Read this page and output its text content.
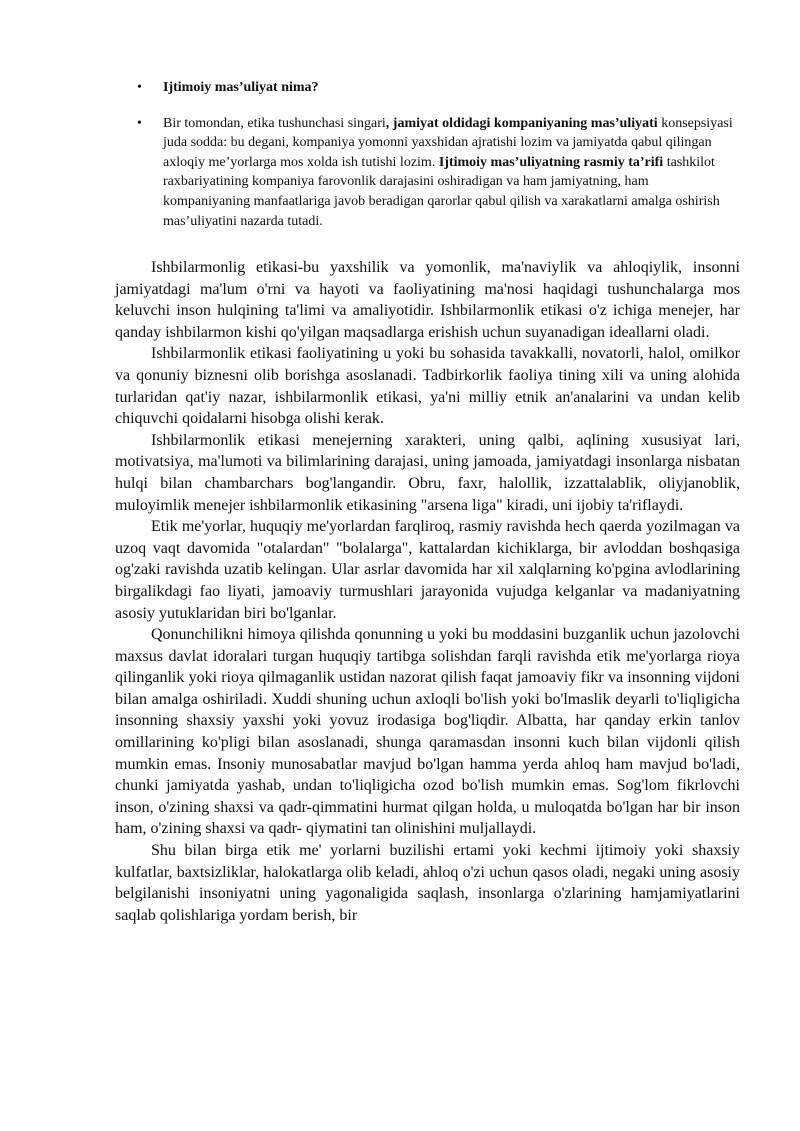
• Ijtimoiy mas’uliyat nima?
• Bir tomondan, etika tushunchasi singari, jamiyat oldidagi kompaniyaning mas’uliyati konsepsiyasi juda sodda: bu degani, kompaniya yomonni yaxshidan ajratishi lozim va jamiyatda qabul qilingan axloqiy me’yorlarga mos xolda ish tutishi lozim. Ijtimoiy mas’uliyatning rasmiy ta’rifi tashkilot raxbariyatining kompaniya farovonlik darajasini oshiradigan va ham jamiyatning, ham kompaniyaning manfaatlariga javob beradigan qarorlar qabul qilish va xarakatlarni amalga oshirish mas’uliyatini nazarda tutadi.

Ishbilarmonlig etikasi-bu yaxshilik va yomonlik, ma'naviylik va ahloqiylik, insonni jamiyatdagi ma'lum o'rni va hayoti va faoliyatining ma'nosi haqidagi tushunchalarga mos keluvchi inson hulqining ta'limi va amaliyotidir. Ishbilarmonlik etikasi o'z ichiga menejer, har qanday ishbilarmon kishi qo'yilgan maqsadlarga erishish uchun suyanadigan ideallarni oladi.

Ishbilarmonlik etikasi faoliyatining u yoki bu sohasida tavakkalli, novatorli, halol, omilkor va qonuniy biznesni olib borishga asoslanadi. Tadbirkorlik faoliya tining xili va uning alohida turlaridan qat'iy nazar, ishbilarmonlik etikasi, ya'ni milliy etnik an'analarini va undan kelib chiquvchi qoidalarni hisobga olishi kerak.

Ishbilarmonlik etikasi menejerning xarakteri, uning qalbi, aqlining xususiyat lari, motivatsiya, ma'lumoti va bilimlarining darajasi, uning jamoada, jamiyatdagi insonlarga nisbatan hulqi bilan chambarchars bog'langandir. Obru, faxr, halollik, izzattalablik, oliyjanoblik, muloyimlik menejer ishbilarmonlik etikasining "arsena liga" kiradi, uni ijobiy ta'riflaydi.

Etik me'yorlar, huquqiy me'yorlardan farqliroq, rasmiy ravishda hech qaerda yozilmagan va uzoq vaqt davomida "otalardan" "bolalarga", kattalardan kichiklarga, bir avloddan boshqasiga og'zaki ravishda uzatib kelingan. Ular asrlar davomida har xil xalqlarning ko'pgina avlodlarining birgalikdagi fao liyati, jamoaviy turmushlari jarayonida vujudga kelganlar va madaniyatning asosiy yutuklaridan biri bo'lganlar.

Qonunchilikni himoya qilishda qonunning u yoki bu moddasini buzganlik uchun jazolovchi maxsus davlat idoralari turgan huquqiy tartibga solishdan farqli ravishda etik me'yorlarga rioya qilinganlik yoki rioya qilmaganlik ustidan nazorat qilish faqat jamoaviy fikr va insonning vijdoni bilan amalga oshiriladi. Xuddi shuning uchun axloqli bo'lish yoki bo'lmaslik deyarli to'liqligicha insonning shaxsiy yaxshi yoki yovuz irodasiga bog'liqdir. Albatta, har qanday erkin tanlov omillarining ko'pligi bilan asoslanadi, shunga qaramasdan insonni kuch bilan vijdonli qilish mumkin emas. Insoniy munosabatlar mavjud bo'lgan hamma yerda ahloq ham mavjud bo'ladi, chunki jamiyatda yashab, undan to'liqligicha ozod bo'lish mumkin emas. Sog'lom fikrlovchi inson, o'zining shaxsi va qadr-qimmatini hurmat qilgan holda, u muloqatda bo'lgan har bir inson ham, o'zining shaxsi va qadr- qiymatini tan olinishini muljallaydi.

Shu bilan birga etik me' yorlarni buzilishi ertami yoki kechmi ijtimoiy yoki shaxsiy kulfatlar, baxtsizliklar, halokatlarga olib keladi, ahloq o'zi uchun qasos oladi, negaki uning asosiy belgilanishi insoniyatni uning yagonaligida saqlash, insonlarga o'zlarining hamjamiyatlarini saqlab qolishlariga yordam berish, bir
